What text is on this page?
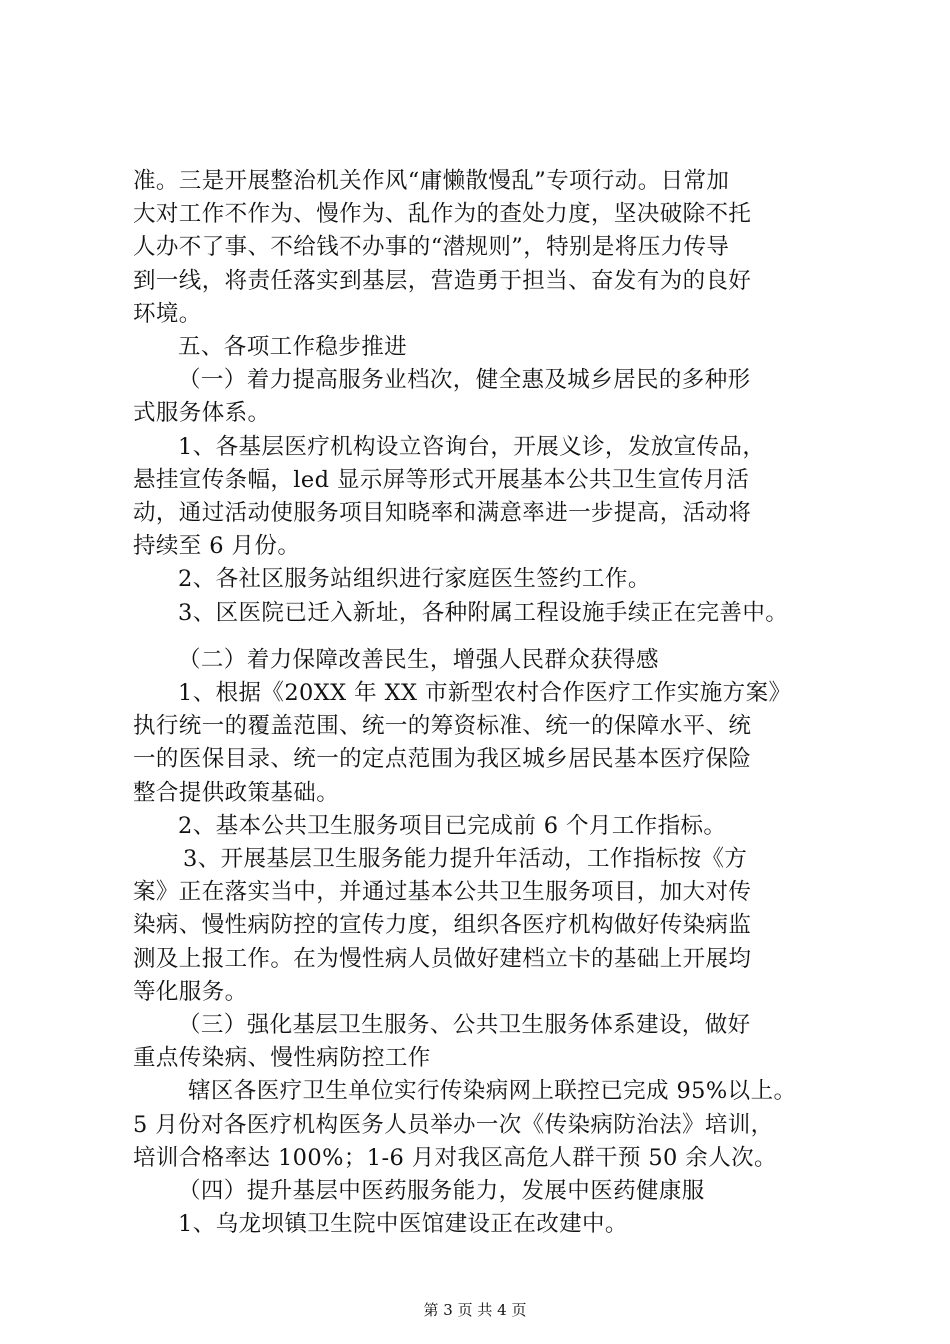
准。三是开展整治机关作风“庸懒散慢乱”专项行动。日常加
大对工作不作为、慢作为、乱作为的查处力度，坚决破除不托
人办不了事、不给钱不办事的“潜规则”，特别是将压力传导
到一线，将责任落实到基层，营造勇于担当、奋发有为的良好
环境。
五、各项工作稳步推进
（一）着力提高服务业档次，健全惠及城乡居民的多种形
式服务体系。
1、各基层医疗机构设立咨询台，开展义诊，发放宣传品，
悬挂宣传条幅，led 显示屏等形式开展基本公共卫生宣传月活
动，通过活动使服务项目知晓率和满意率进一步提高，活动将
持续至 6 月份。
2、各社区服务站组织进行家庭医生签约工作。
3、区医院已迁入新址，各种附属工程设施手续正在完善中。
（二）着力保障改善民生，增强人民群众获得感
1、根据《20XX 年 XX 市新型农村合作医疗工作实施方案》
执行统一的覆盖范围、统一的筹资标准、统一的保障水平、统
一的医保目录、统一的定点范围为我区城乡居民基本医疗保险
整合提供政策基础。
2、基本公共卫生服务项目已完成前 6 个月工作指标。
3、开展基层卫生服务能力提升年活动，工作指标按《方
案》正在落实当中，并通过基本公共卫生服务项目，加大对传
染病、慢性病防控的宣传力度，组织各医疗机构做好传染病监
测及上报工作。在为慢性病人员做好建档立卡的基础上开展均
等化服务。
（三）强化基层卫生服务、公共卫生服务体系建设，做好
重点传染病、慢性病防控工作
辖区各医疗卫生单位实行传染病网上联控已完成 95%以上。
5 月份对各医疗机构医务人员举办一次《传染病防治法》培训，
培训合格率达 100%；1-6 月对我区高危人群干预 50 余人次。
（四）提升基层中医药服务能力，发展中医药健康服
1、乌龙坝镇卫生院中医馆建设正在改建中。
第 3 页 共 4 页
